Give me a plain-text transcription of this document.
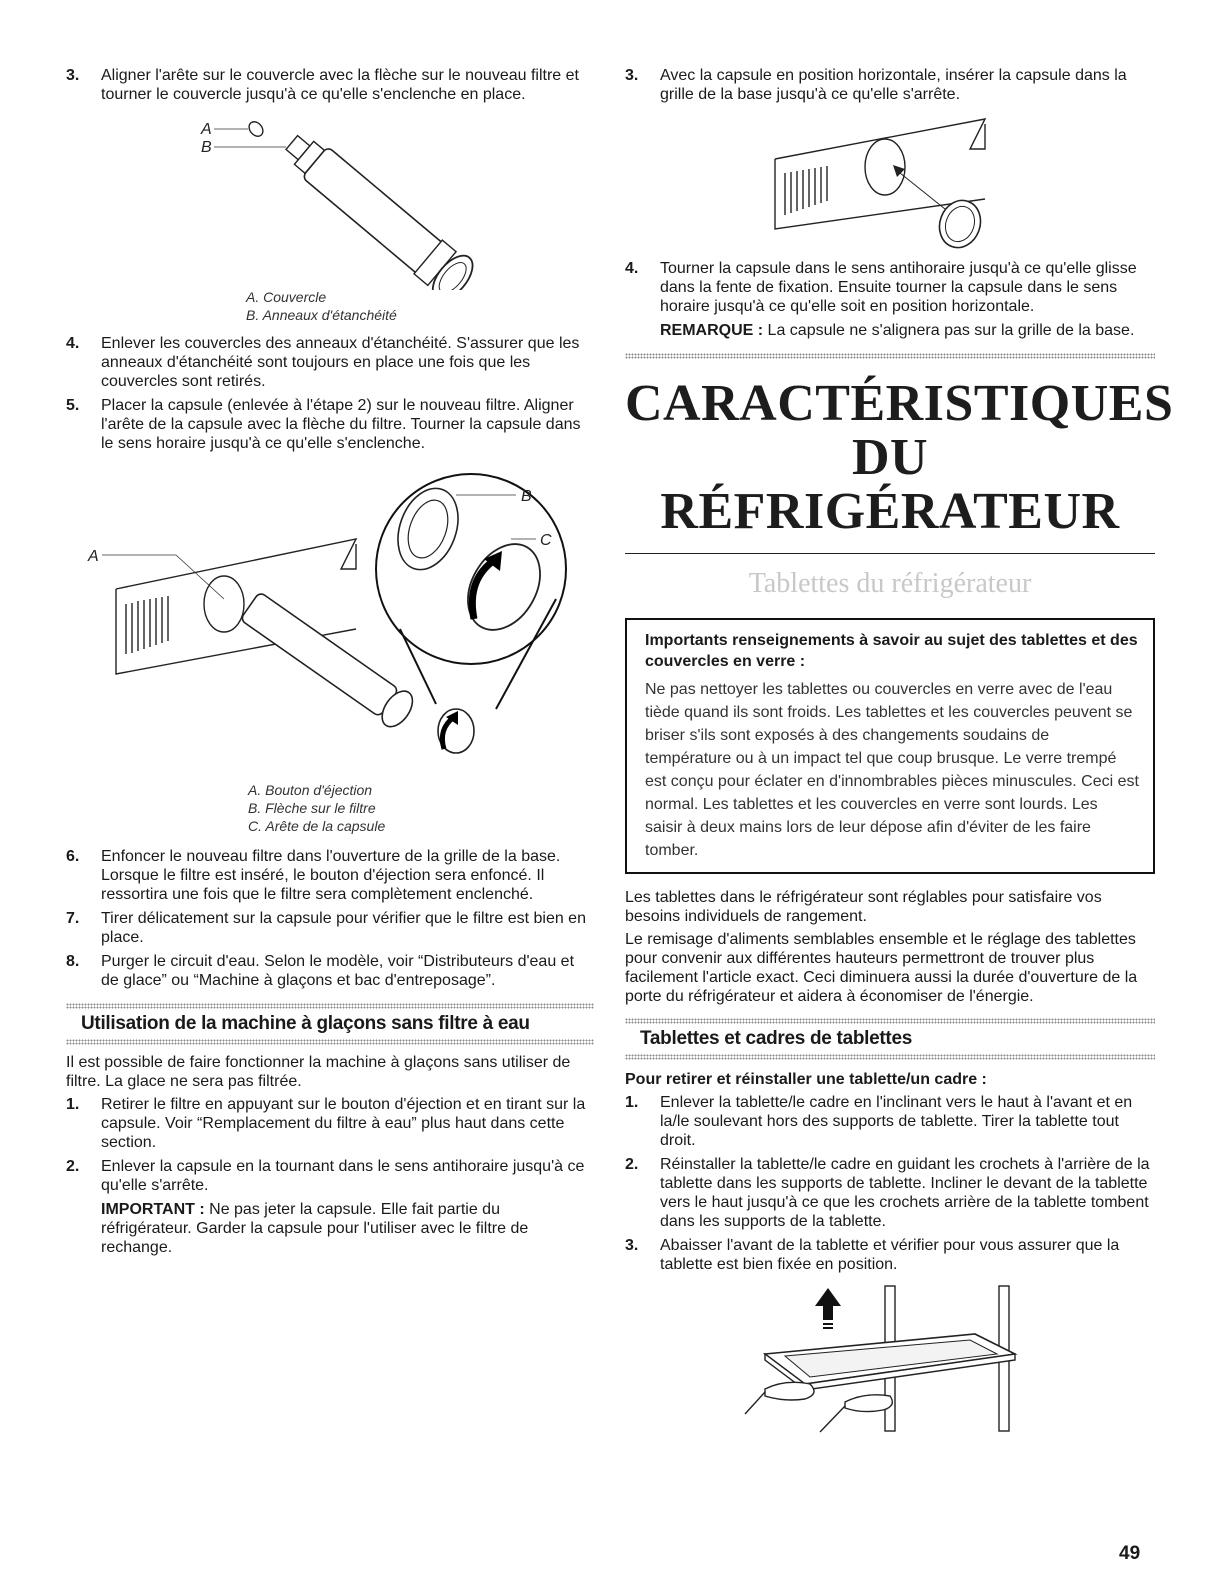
3. Aligner l'arête sur le couvercle avec la flèche sur le nouveau filtre et tourner le couvercle jusqu'à ce qu'elle s'enclenche en place.
A
B
A. Couvercle
B. Anneaux d'étanchéité
4. Enlever les couvercles des anneaux d'étanchéité. S'assurer que les anneaux d'étanchéité sont toujours en place une fois que les couvercles sont retirés.
5. Placer la capsule (enlevée à l'étape 2) sur le nouveau filtre. Aligner l'arête de la capsule avec la flèche du filtre. Tourner la capsule dans le sens horaire jusqu'à ce qu'elle s'enclenche.
A
B
C
A. Bouton d'éjection
B. Flèche sur le filtre
C. Arête de la capsule
6. Enfoncer le nouveau filtre dans l'ouverture de la grille de la base. Lorsque le filtre est inséré, le bouton d'éjection sera enfoncé. Il ressortira une fois que le filtre sera complètement enclenché.
7. Tirer délicatement sur la capsule pour vérifier que le filtre est bien en place.
8. Purger le circuit d'eau. Selon le modèle, voir “Distributeurs d'eau et de glace” ou “Machine à glaçons et bac d'entreposage”.
Utilisation de la machine à glaçons sans filtre à eau

Il est possible de faire fonctionner la machine à glaçons sans utiliser de filtre. La glace ne sera pas filtrée.

1. Retirer le filtre en appuyant sur le bouton d'éjection et en tirant sur la capsule. Voir “Remplacement du filtre à eau” plus haut dans cette section.
2. Enlever la capsule en la tournant dans le sens antihoraire jusqu'à ce qu'elle s'arrête.
IMPORTANT : Ne pas jeter la capsule. Elle fait partie du réfrigérateur. Garder la capsule pour l'utiliser avec le filtre de rechange.
3. Avec la capsule en position horizontale, insérer la capsule dans la grille de la base jusqu'à ce qu'elle s'arrête.
4. Tourner la capsule dans le sens antihoraire jusqu'à ce qu'elle glisse dans la fente de fixation. Ensuite tourner la capsule dans le sens horaire jusqu'à ce qu'elle soit en position horizontale.
REMARQUE : La capsule ne s'alignera pas sur la grille de la base.
CARACTÉRISTIQUES DU
RÉFRIGÉRATEUR
Tablettes du réfrigérateur
Importants renseignements à savoir au sujet des tablettes et des couvercles en verre :
Ne pas nettoyer les tablettes ou couvercles en verre avec de l'eau tiède quand ils sont froids. Les tablettes et les couvercles peuvent se briser s'ils sont exposés à des changements soudains de température ou à un impact tel que coup brusque. Le verre trempé est conçu pour éclater en d'innombrables pièces minuscules. Ceci est normal. Les tablettes et les couvercles en verre sont lourds. Les saisir à deux mains lors de leur dépose afin d'éviter de les faire tomber.

Les tablettes dans le réfrigérateur sont réglables pour satisfaire vos besoins individuels de rangement.

Le remisage d'aliments semblables ensemble et le réglage des tablettes pour convenir aux différentes hauteurs permettront de trouver plus facilement l'article exact. Ceci diminuera aussi la durée d'ouverture de la porte du réfrigérateur et aidera à économiser de l'énergie.

Tablettes et cadres de tablettes
Pour retirer et réinstaller une tablette/un cadre :
1. Enlever la tablette/le cadre en l'inclinant vers le haut à l'avant et en la/le soulevant hors des supports de tablette. Tirer la tablette tout droit.
2. Réinstaller la tablette/le cadre en guidant les crochets à l'arrière de la tablette dans les supports de tablette. Incliner le devant de la tablette vers le haut jusqu'à ce que les crochets arrière de la tablette tombent dans les supports de la tablette.
3. Abaisser l'avant de la tablette et vérifier pour vous assurer que la tablette est bien fixée en position.
49
